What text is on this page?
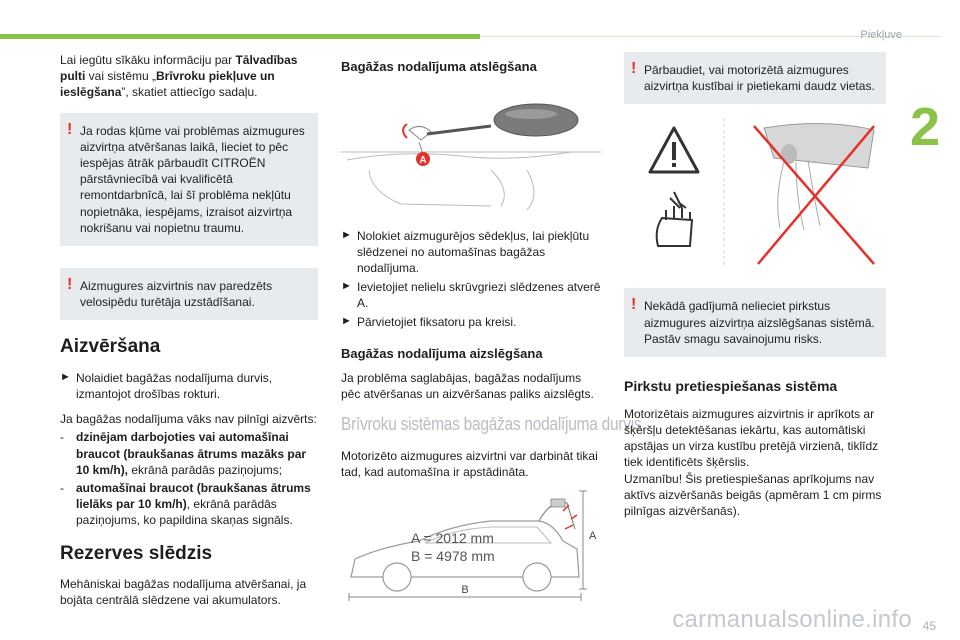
Piekļuve
2

Lai iegūtu sīkāku informāciju par Tālvadības pulti vai sistēmu „Brīvroku piekļuve un ieslēgšana”, skatiet attiecīgo sadaļu.

! Ja rodas kļūme vai problēmas aizmugures aizvirtņa atvēršanas laikā, lieciet to pēc iespējas ātrāk pārbaudīt CITROËN pārstāvniecībā vai kvalificētā remontdarbnīcā, lai šī problēma nekļūtu nopietnāka, iespējams, izraisot aizvirtņa nokrišanu vai nopietnu traumu.

! Aizmugures aizvirtnis nav paredzēts velosipēdu turētāja uzstādīšanai.

Aizvēršana
► Nolaidiet bagāžas nodalījuma durvis, izmantojot drošības rokturi.

Ja bagāžas nodalījuma vāks nav pilnīgi aizvērts:

- dzinējam darbojoties vai automašīnai braucot (braukšanas ātrums mazāks par 10 km/h), ekrānā parādās paziņojums;
- automašīnai braucot (braukšanas ātrums lielāks par 10 km/h), ekrānā parādās paziņojums, ko papildina skaņas signāls.
Rezerves slēdzis

Mehāniskai bagāžas nodalījuma atvēršanai, ja bojāta centrālā slēdzene vai akumulators.

Bagāžas nodalījuma atslēgšana
A
► Nolokiet aizmugurējos sēdekļus, lai piekļūtu slēdzenei no automašīnas bagāžas nodalījuma.
► Ievietojiet nelielu skrūvgriezi slēdzenes atverē A.
► Pārvietojiet fiksatoru pa kreisi.
Bagāžas nodalījuma aizslēgšana

Ja problēma saglabājas, bagāžas nodalījums pēc atvēršanas un aizvēršanas paliks aizslēgts.

Brīvroku sistēmas bagāžas nodalījuma durvis

Motorizēto aizmugures aizvirtni var darbināt tikai tad, kad automašīna ir apstādināta.

A
B
A = 2012 mm
B = 4978 mm
! Pārbaudiet, vai motorizētā aizmugures aizvirtņa kustībai ir pietiekami daudz vietas.

! Nekādā gadījumā nelieciet pirkstus aizmugures aizvirtņa aizslēgšanas sistēmā. Pastāv smagu savainojumu risks.

Pirkstu pretiespiešanas sistēma

Motorizētais aizmugures aizvirtnis ir aprīkots ar šķēršļu detektēšanas iekārtu, kas automātiski apstājas un virza kustību pretējā virzienā, tiklīdz tiek identificēts šķērslis.

Uzmanību! Šis pretiespiešanas aprīkojums nav aktīvs aizvēršanās beigās (apmēram 1 cm pirms pilnīgas aizvēršanās).

carmanualsonline.info 45
